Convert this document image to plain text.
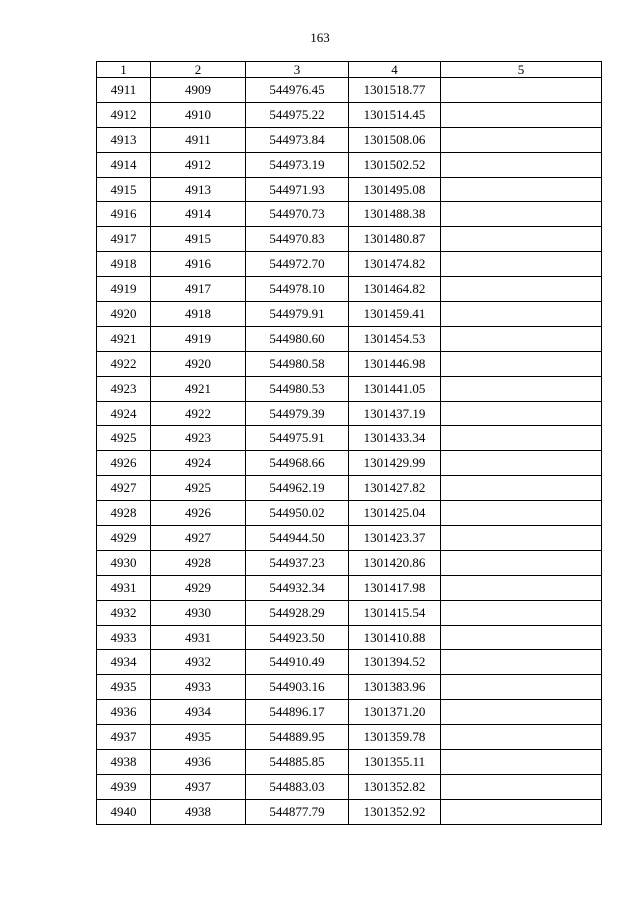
163
1	2	3	4	5
4911	4909	544976.45	1301518.77	
4912	4910	544975.22	1301514.45	
4913	4911	544973.84	1301508.06	
4914	4912	544973.19	1301502.52	
4915	4913	544971.93	1301495.08	
4916	4914	544970.73	1301488.38	
4917	4915	544970.83	1301480.87	
4918	4916	544972.70	1301474.82	
4919	4917	544978.10	1301464.82	
4920	4918	544979.91	1301459.41	
4921	4919	544980.60	1301454.53	
4922	4920	544980.58	1301446.98	
4923	4921	544980.53	1301441.05	
4924	4922	544979.39	1301437.19	
4925	4923	544975.91	1301433.34	
4926	4924	544968.66	1301429.99	
4927	4925	544962.19	1301427.82	
4928	4926	544950.02	1301425.04	
4929	4927	544944.50	1301423.37	
4930	4928	544937.23	1301420.86	
4931	4929	544932.34	1301417.98	
4932	4930	544928.29	1301415.54	
4933	4931	544923.50	1301410.88	
4934	4932	544910.49	1301394.52	
4935	4933	544903.16	1301383.96	
4936	4934	544896.17	1301371.20	
4937	4935	544889.95	1301359.78	
4938	4936	544885.85	1301355.11	
4939	4937	544883.03	1301352.82	
4940	4938	544877.79	1301352.92	
